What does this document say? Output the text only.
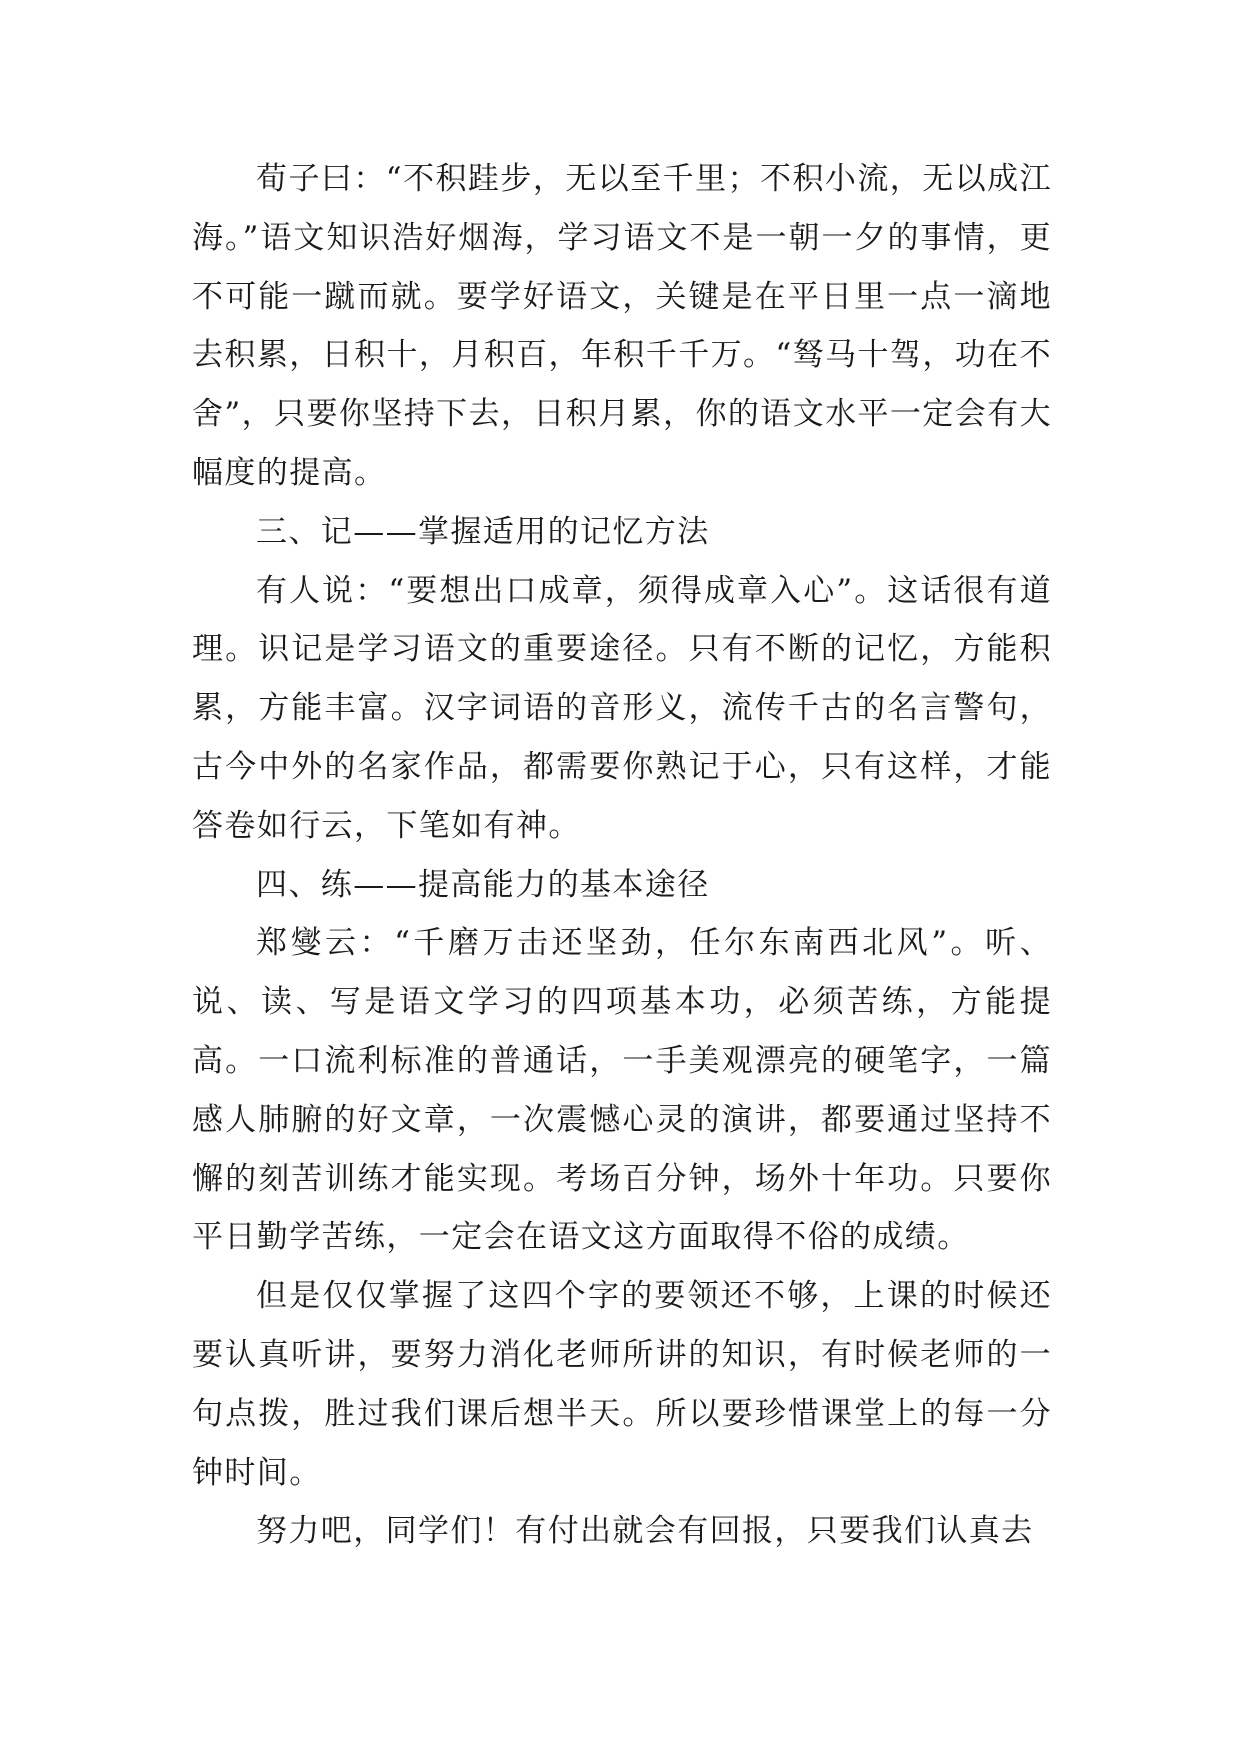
荀子曰：“不积跬步，无以至千里；不积小流，无以成江海。”语文知识浩好烟海，学习语文不是一朝一夕的事情，更不可能一蹴而就。要学好语文，关键是在平日里一点一滴地去积累，日积十，月积百，年积千千万。“驽马十驾，功在不舍”，只要你坚持下去，日积月累，你的语文水平一定会有大幅度的提高。

三、记——掌握适用的记忆方法

有人说：“要想出口成章，须得成章入心”。这话很有道理。识记是学习语文的重要途径。只有不断的记忆，方能积累，方能丰富。汉字词语的音形义，流传千古的名言警句，古今中外的名家作品，都需要你熟记于心，只有这样，才能答卷如行云，下笔如有神。

四、练——提高能力的基本途径

郑燮云：“千磨万击还坚劲，任尔东南西北风”。听、说、读、写是语文学习的四项基本功，必须苦练，方能提高。一口流利标准的普通话，一手美观漂亮的硬笔字，一篇感人肺腑的好文章，一次震憾心灵的演讲，都要通过坚持不懈的刻苦训练才能实现。考场百分钟，场外十年功。只要你平日勤学苦练，一定会在语文这方面取得不俗的成绩。

但是仅仅掌握了这四个字的要领还不够，上课的时候还要认真听讲，要努力消化老师所讲的知识，有时候老师的一句点拨，胜过我们课后想半天。所以要珍惜课堂上的每一分钟时间。

努力吧，同学们！有付出就会有回报，只要我们认真去
